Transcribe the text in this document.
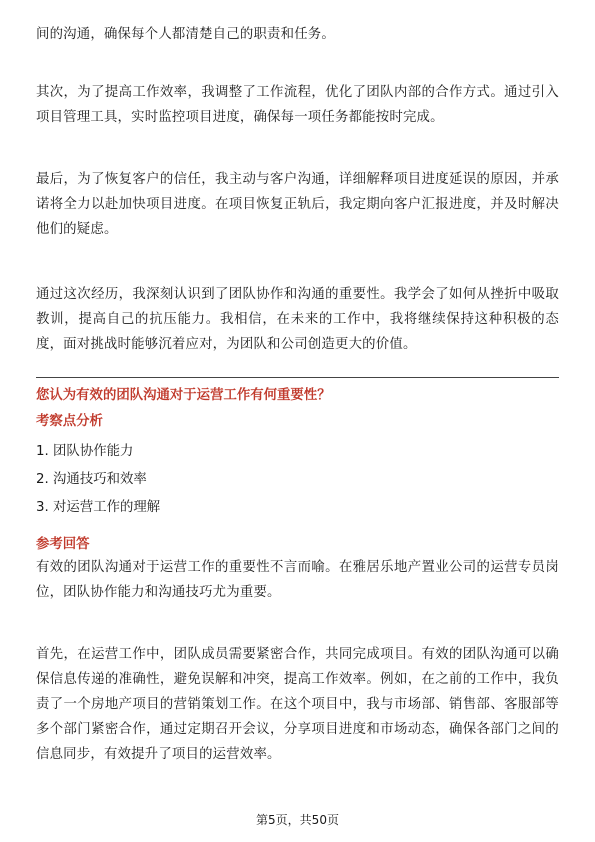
间的沟通，确保每个人都清楚自己的职责和任务。

其次，为了提高工作效率，我调整了工作流程，优化了团队内部的合作方式。通过引入项目管理工具，实时监控项目进度，确保每一项任务都能按时完成。

最后，为了恢复客户的信任，我主动与客户沟通，详细解释项目进度延误的原因，并承诺将全力以赴加快项目进度。在项目恢复正轨后，我定期向客户汇报进度，并及时解决他们的疑虑。

通过这次经历，我深刻认识到了团队协作和沟通的重要性。我学会了如何从挫折中吸取教训，提高自己的抗压能力。我相信，在未来的工作中，我将继续保持这种积极的态度，面对挑战时能够沉着应对，为团队和公司创造更大的价值。

您认为有效的团队沟通对于运营工作有何重要性？

考察点分析

1. 团队协作能力

2. 沟通技巧和效率

3. 对运营工作的理解

参考回答

有效的团队沟通对于运营工作的重要性不言而喻。在雅居乐地产置业公司的运营专员岗位，团队协作能力和沟通技巧尤为重要。

首先，在运营工作中，团队成员需要紧密合作，共同完成项目。有效的团队沟通可以确保信息传递的准确性，避免误解和冲突，提高工作效率。例如，在之前的工作中，我负责了一个房地产项目的营销策划工作。在这个项目中，我与市场部、销售部、客服部等多个部门紧密合作，通过定期召开会议，分享项目进度和市场动态，确保各部门之间的信息同步，有效提升了项目的运营效率。

第5页，共50页
